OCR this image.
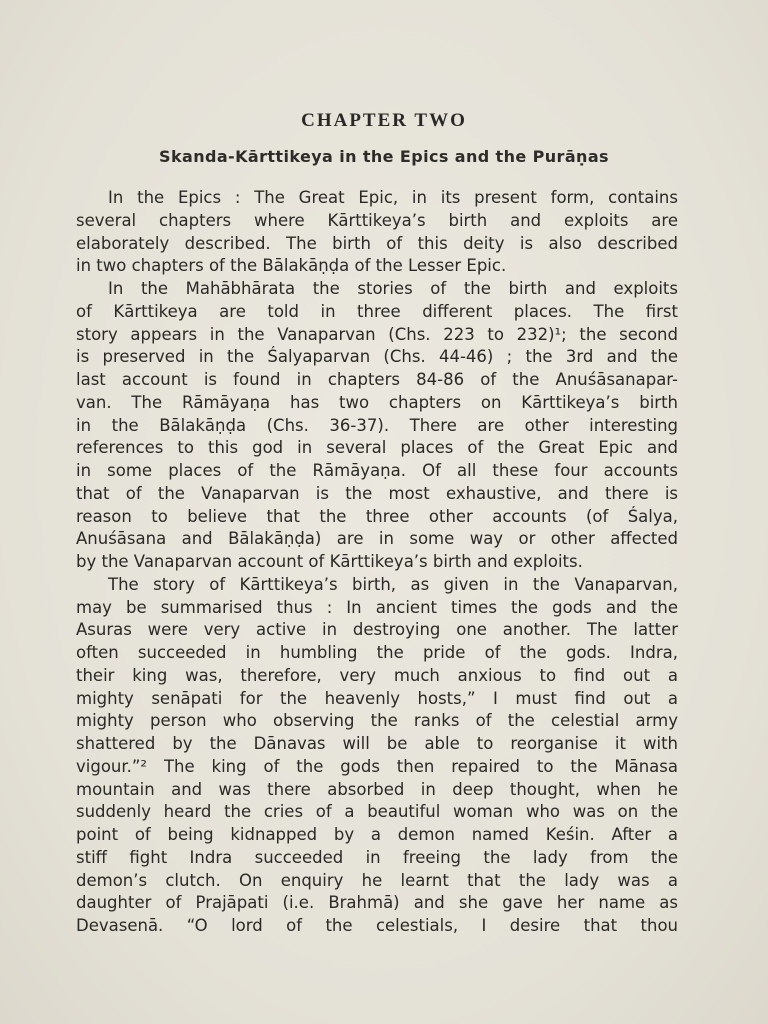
CHAPTER TWO
Skanda-Kārttikeya in the Epics and the Purāṇas
In the Epics : The Great Epic, in its present form, contains
several chapters where Kārttikeya’s birth and exploits are
elaborately described. The birth of this deity is also described
in two chapters of the Bālakāṇḍa of the Lesser Epic.
In the Mahābhārata the stories of the birth and exploits
of Kārttikeya are told in three different places. The first
story appears in the Vanaparvan (Chs. 223 to 232)¹; the second
is preserved in the Śalyaparvan (Chs. 44-46) ; the 3rd and the
last account is found in chapters 84-86 of the Anuśāsanapar-
van. The Rāmāyaṇa has two chapters on Kārttikeya’s birth
in the Bālakāṇḍa (Chs. 36-37). There are other interesting
references to this god in several places of the Great Epic and
in some places of the Rāmāyaṇa. Of all these four accounts
that of the Vanaparvan is the most exhaustive, and there is
reason to believe that the three other accounts (of Śalya,
Anuśāsana and Bālakāṇḍa) are in some way or other affected
by the Vanaparvan account of Kārttikeya’s birth and exploits.
The story of Kārttikeya’s birth, as given in the Vanaparvan,
may be summarised thus : In ancient times the gods and the
Asuras were very active in destroying one another. The latter
often succeeded in humbling the pride of the gods. Indra,
their king was, therefore, very much anxious to find out a
mighty senāpati for the heavenly hosts,” I must find out a
mighty person who observing the ranks of the celestial army
shattered by the Dānavas will be able to reorganise it with
vigour.”² The king of the gods then repaired to the Mānasa
mountain and was there absorbed in deep thought, when he
suddenly heard the cries of a beautiful woman who was on the
point of being kidnapped by a demon named Keśin. After a
stiff fight Indra succeeded in freeing the lady from the
demon’s clutch. On enquiry he learnt that the lady was a
daughter of Prajāpati (i.e. Brahmā) and she gave her name as
Devasenā. “O lord of the celestials, I desire that thou
